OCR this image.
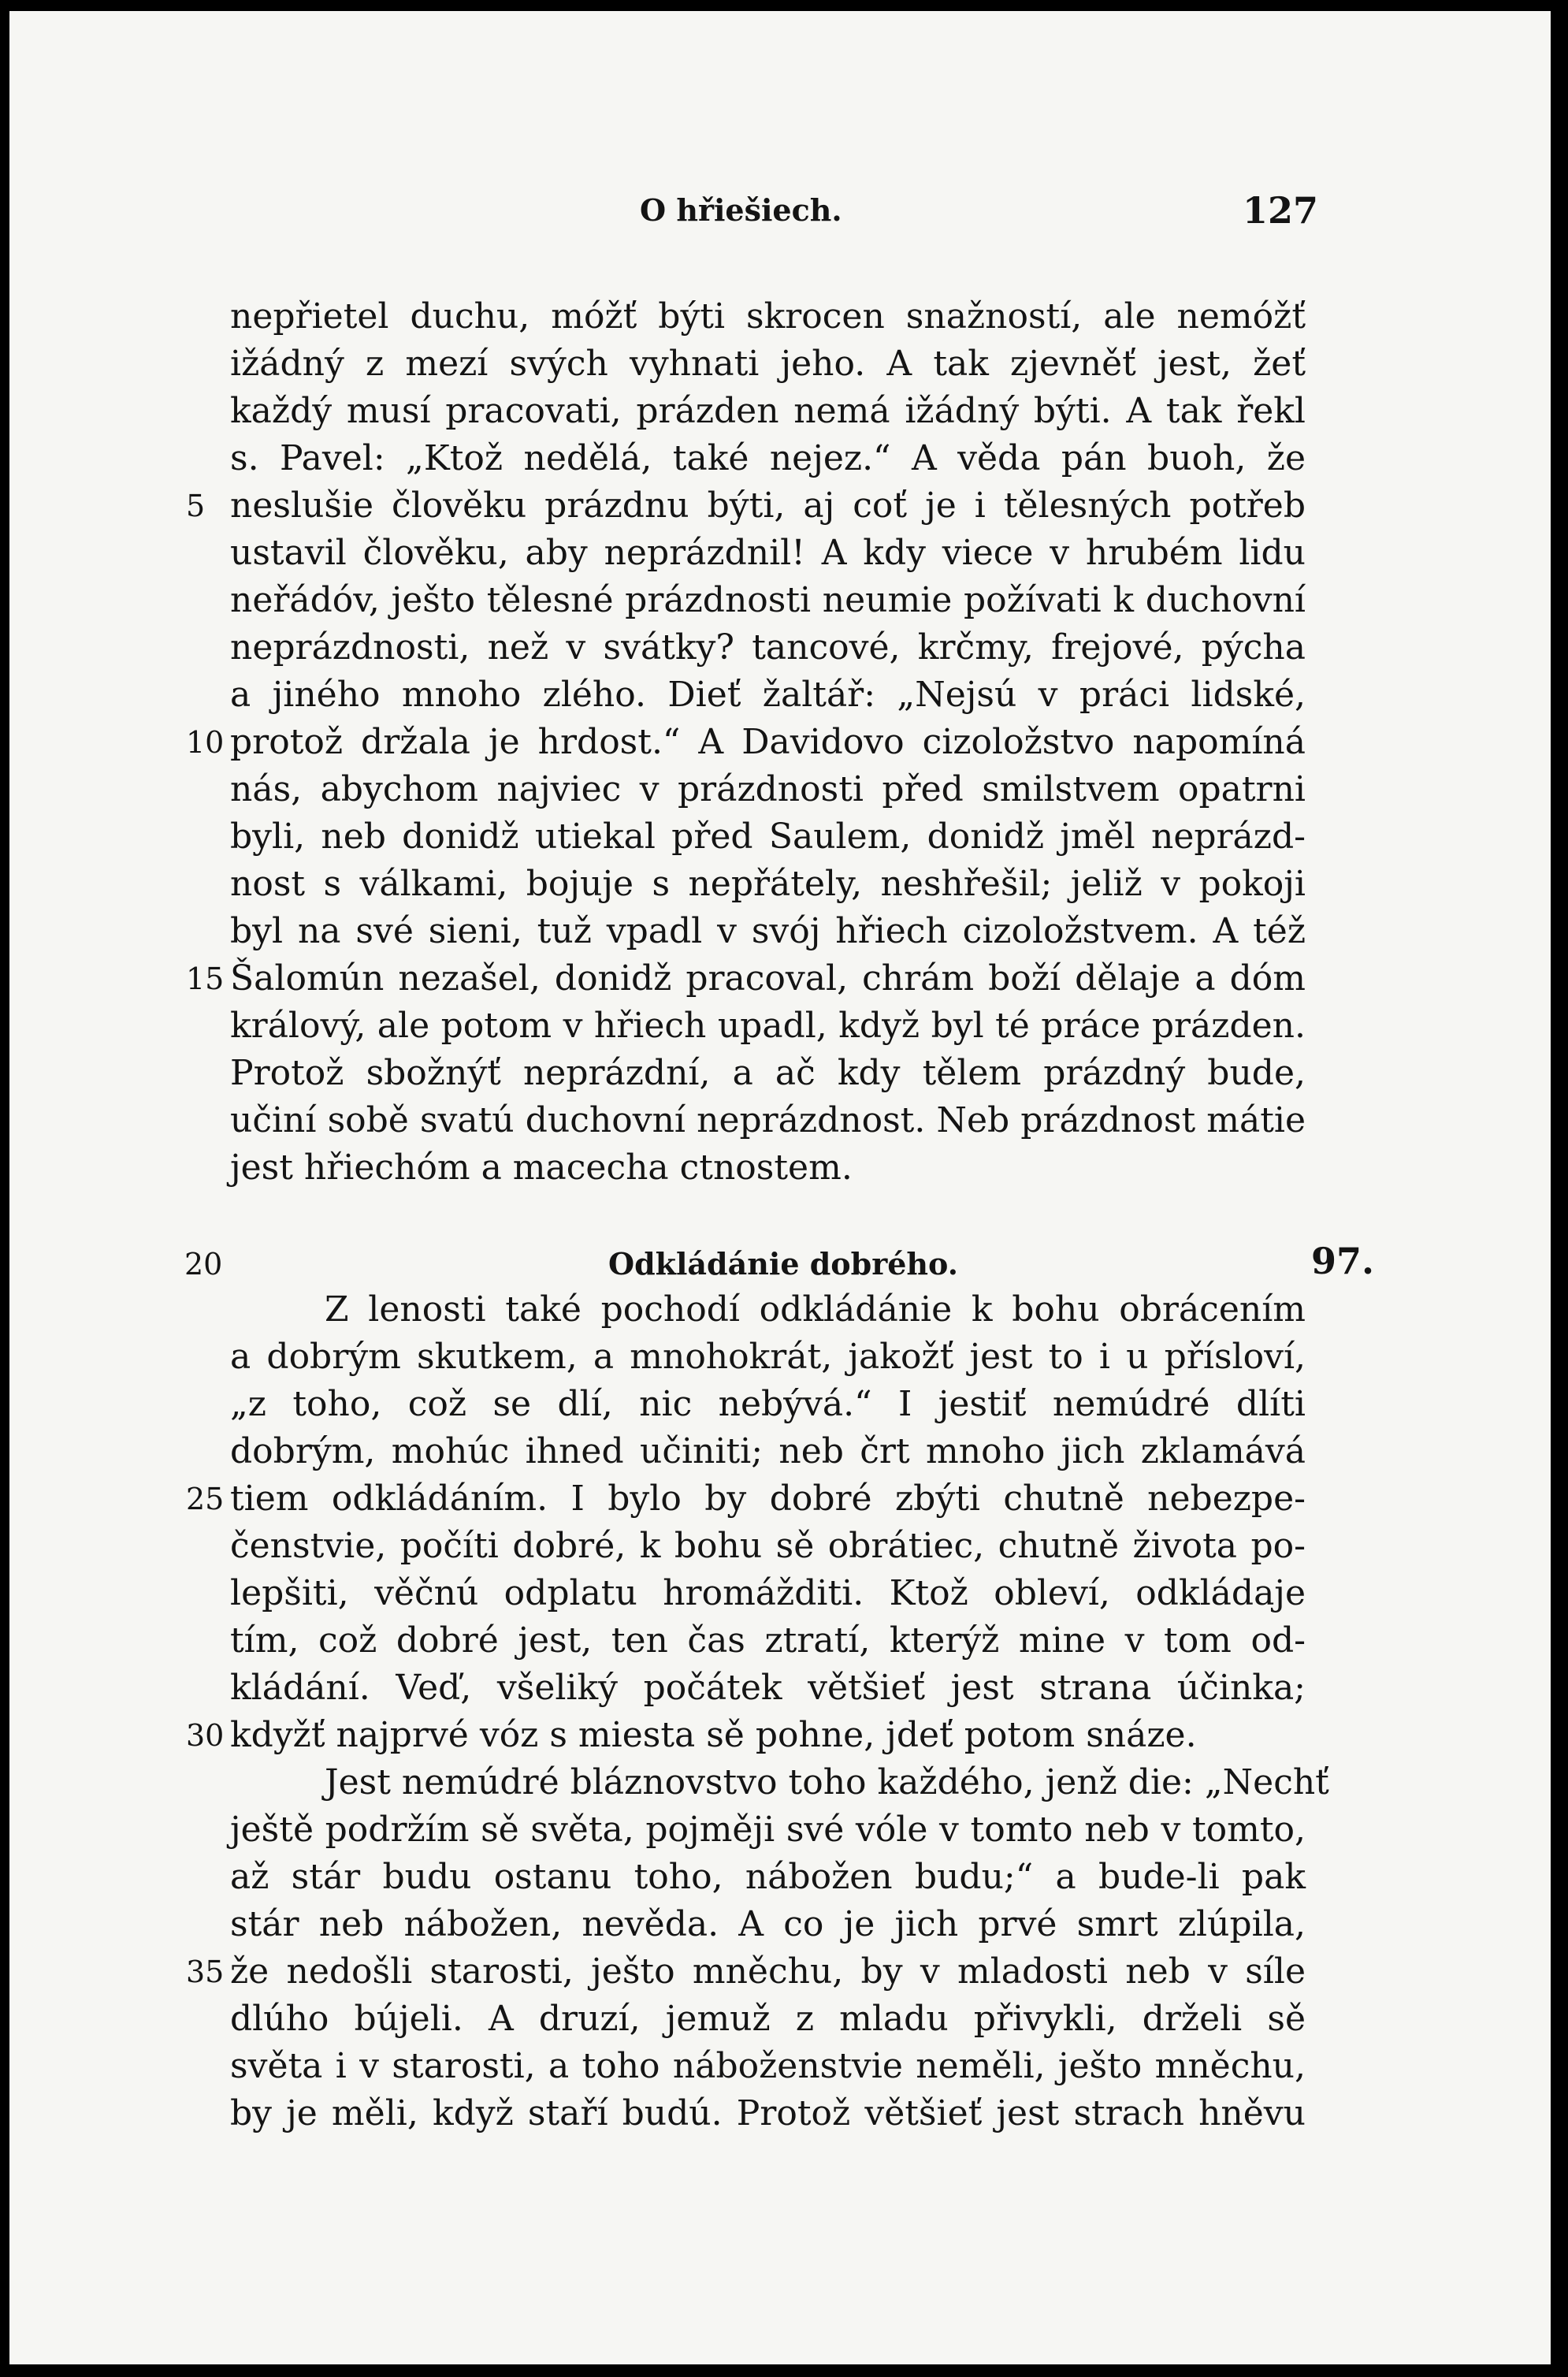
O hřiešiech.	127
nepřietel duchu, móžť býti skrocen snažností, ale nemóžť
ižádný z mezí svých vyhnati jeho. A tak zjevněť jest, žeť
každý musí pracovati, prázden nemá ižádný býti. A tak řekl
s. Pavel: „Ktož nedělá, také nejez.“ A věda pán buoh, že
neslušie člověku prázdnu býti, aj coť je i tělesných potřeb
ustavil člověku, aby neprázdnil! A kdy viece v hrubém lidu
neřádóv, ješto tělesné prázdnosti neumie požívati k duchovní
neprázdnosti, než v svátky? tancové, krčmy, frejové, pýcha
a jiného mnoho zlého. Dieť žaltář: „Nejsú v práci lidské,
protož držala je hrdost.“ A Davidovo cizoložstvo napomíná
nás, abychom najviec v prázdnosti před smilstvem opatrni
byli, neb donidž utiekal před Saulem, donidž jměl neprázd-
nost s válkami, bojuje s nepřátely, neshřešil; jeliž v pokoji
byl na své sieni, tuž vpadl v svój hřiech cizoložstvem. A též
Šalomún nezašel, donidž pracoval, chrám boží dělaje a dóm
králový, ale potom v hřiech upadl, když byl té práce prázden.
Protož sbožnýť neprázdní, a ač kdy tělem prázdný bude,
učiní sobě svatú duchovní neprázdnost. Neb prázdnost mátie
jest hřiechóm a macecha ctnostem.
5
10
15
20	Odkládánie dobrého.	97.
Z lenosti také pochodí odkládánie k bohu obrácením
a dobrým skutkem, a mnohokrát, jakožť jest to i u přísloví,
„z toho, což se dlí, nic nebývá.“ I jestiť nemúdré dlíti
dobrým, mohúc ihned učiniti; neb črt mnoho jich zklamává
tiem odkládáním. I bylo by dobré zbýti chutně nebezpe-
čenstvie, počíti dobré, k bohu sě obrátiec, chutně života po-
lepšiti, věčnú odplatu hromážditi. Ktož obleví, odkládaje
tím, což dobré jest, ten čas ztratí, kterýž mine v tom od-
kládání. Veď, všeliký počátek většieť jest strana účinka;
kdyžť najprvé vóz s miesta sě pohne, jdeť potom snáze.
25
30
Jest nemúdré bláznovstvo toho každého, jenž die: „Nechť
ještě podržím sě světa, pojměji své vóle v tomto neb v tomto,
až stár budu ostanu toho, nábožen budu;“ a bude-li pak
stár neb nábožen, nevěda. A co je jich prvé smrt zlúpila,
že nedošli starosti, ješto mněchu, by v mladosti neb v síle
dlúho bújeli. A druzí, jemuž z mladu přivykli, drželi sě
světa i v starosti, a toho náboženstvie neměli, ješto mněchu,
by je měli, když staří budú. Protož většieť jest strach hněvu
35
